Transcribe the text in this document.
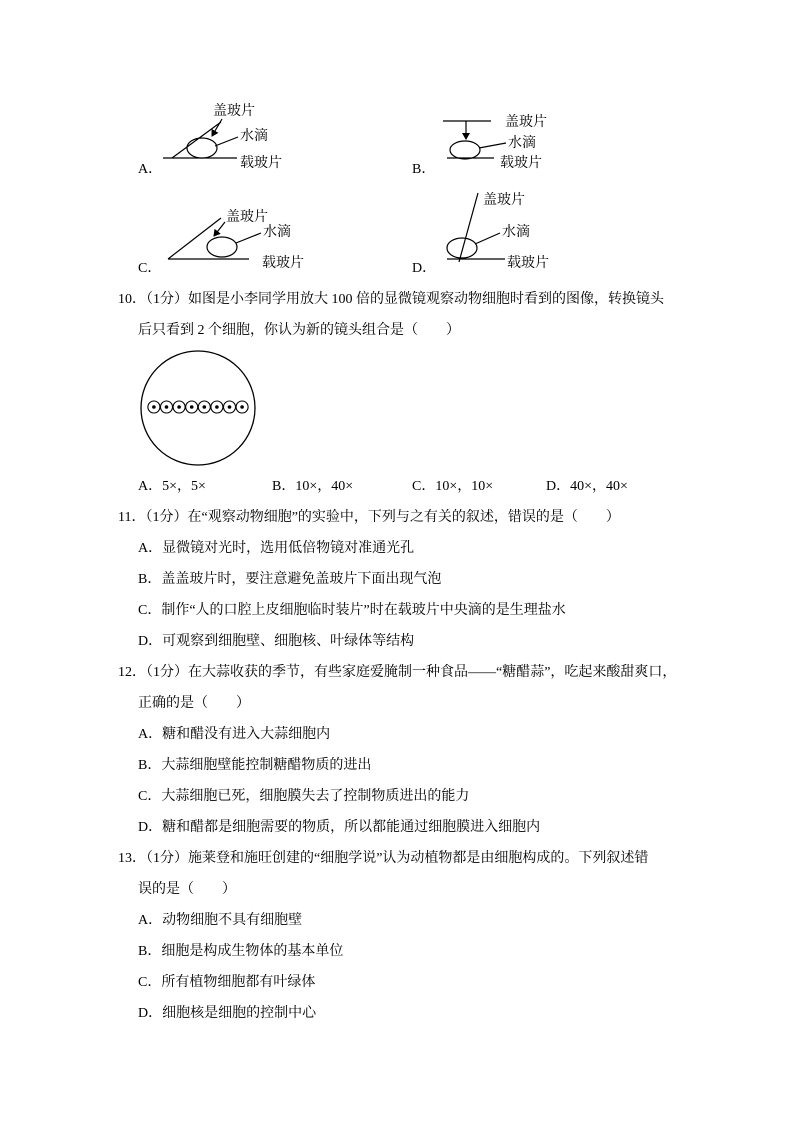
A．
盖玻片
水滴
载玻片	B．
盖玻片
水滴
载玻片
C．
盖玻片
水滴
载玻片	D．
盖玻片
水滴
载玻片
10．（1分）如图是小李同学用放大 100 倍的显微镜观察动物细胞时看到的图像，转换镜头
后只看到 2 个细胞，你认为新的镜头组合是（　　）
A．5×，5×	B．10×，40×	C．10×，10×	D．40×，40×
11．（1分）在“观察动物细胞”的实验中，下列与之有关的叙述，错误的是（　　）
A．显微镜对光时，选用低倍物镜对准通光孔
B．盖盖玻片时，要注意避免盖玻片下面出现气泡
C．制作“人的口腔上皮细胞临时装片”时在载玻片中央滴的是生理盐水
D．可观察到细胞壁、细胞核、叶绿体等结构
12．（1分）在大蒜收获的季节，有些家庭爱腌制一种食品——“糖醋蒜”，吃起来酸甜爽口，
正确的是（　　）
A．糖和醋没有进入大蒜细胞内
B．大蒜细胞壁能控制糖醋物质的进出
C．大蒜细胞已死，细胞膜失去了控制物质进出的能力
D．糖和醋都是细胞需要的物质，所以都能通过细胞膜进入细胞内
13．（1分）施莱登和施旺创建的“细胞学说”认为动植物都是由细胞构成的。下列叙述错
误的是（　　）
A．动物细胞不具有细胞壁
B．细胞是构成生物体的基本单位
C．所有植物细胞都有叶绿体
D．细胞核是细胞的控制中心
